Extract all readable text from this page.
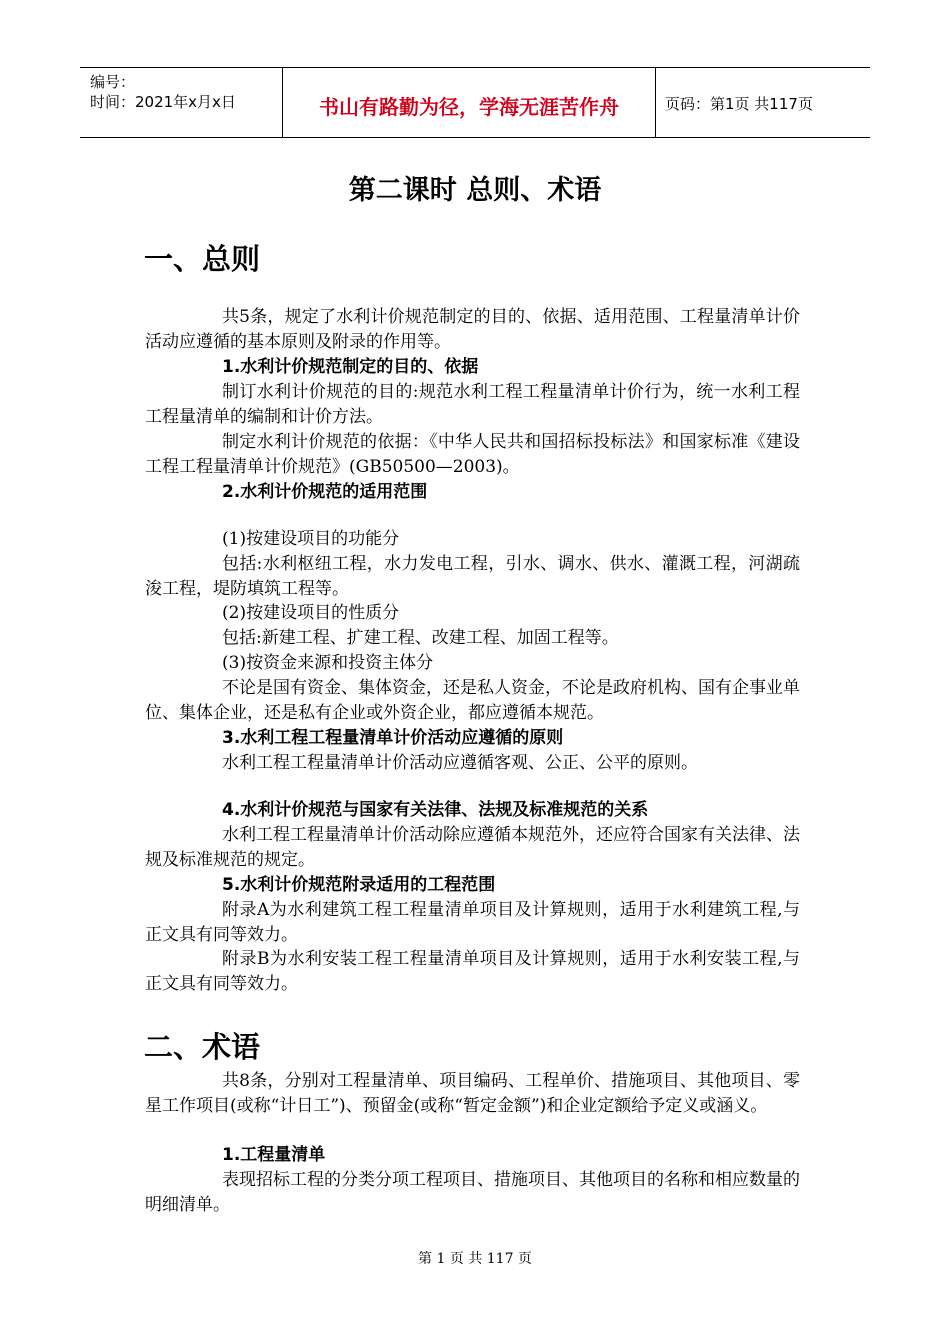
编号：
时间：2021年x月x日	书山有路勤为径，学海无涯苦作舟	页码：第1页 共117页
第二课时 总则、术语
一、总则
共5条，规定了水利计价规范制定的目的、依据、适用范围、工程量清单计价活动应遵循的基本原则及附录的作用等。
1.水利计价规范制定的目的、依据
制订水利计价规范的目的:规范水利工程工程量清单计价行为，统一水利工程工程量清单的编制和计价方法。
制定水利计价规范的依据：《中华人民共和国招标投标法》和国家标准《建设工程工程量清单计价规范》(GB50500—2003)。
2.水利计价规范的适用范围
(1)按建设项目的功能分
包括:水利枢纽工程，水力发电工程，引水、调水、供水、灌溉工程，河湖疏浚工程，堤防填筑工程等。
(2)按建设项目的性质分
包括:新建工程、扩建工程、改建工程、加固工程等。
(3)按资金来源和投资主体分
不论是国有资金、集体资金，还是私人资金，不论是政府机构、国有企事业单位、集体企业，还是私有企业或外资企业，都应遵循本规范。
3.水利工程工程量清单计价活动应遵循的原则
水利工程工程量清单计价活动应遵循客观、公正、公平的原则。
4.水利计价规范与国家有关法律、法规及标准规范的关系
水利工程工程量清单计价活动除应遵循本规范外，还应符合国家有关法律、法规及标准规范的规定。
5.水利计价规范附录适用的工程范围
附录A为水利建筑工程工程量清单项目及计算规则，适用于水利建筑工程,与正文具有同等效力。
附录B为水利安装工程工程量清单项目及计算规则，适用于水利安装工程,与正文具有同等效力。
二、术语
共8条，分别对工程量清单、项目编码、工程单价、措施项目、其他项目、零星工作项目(或称“计日工”)、预留金(或称“暂定金额”)和企业定额给予定义或涵义。
1.工程量清单
表现招标工程的分类分项工程项目、措施项目、其他项目的名称和相应数量的明细清单。
第 1 页 共 117 页
